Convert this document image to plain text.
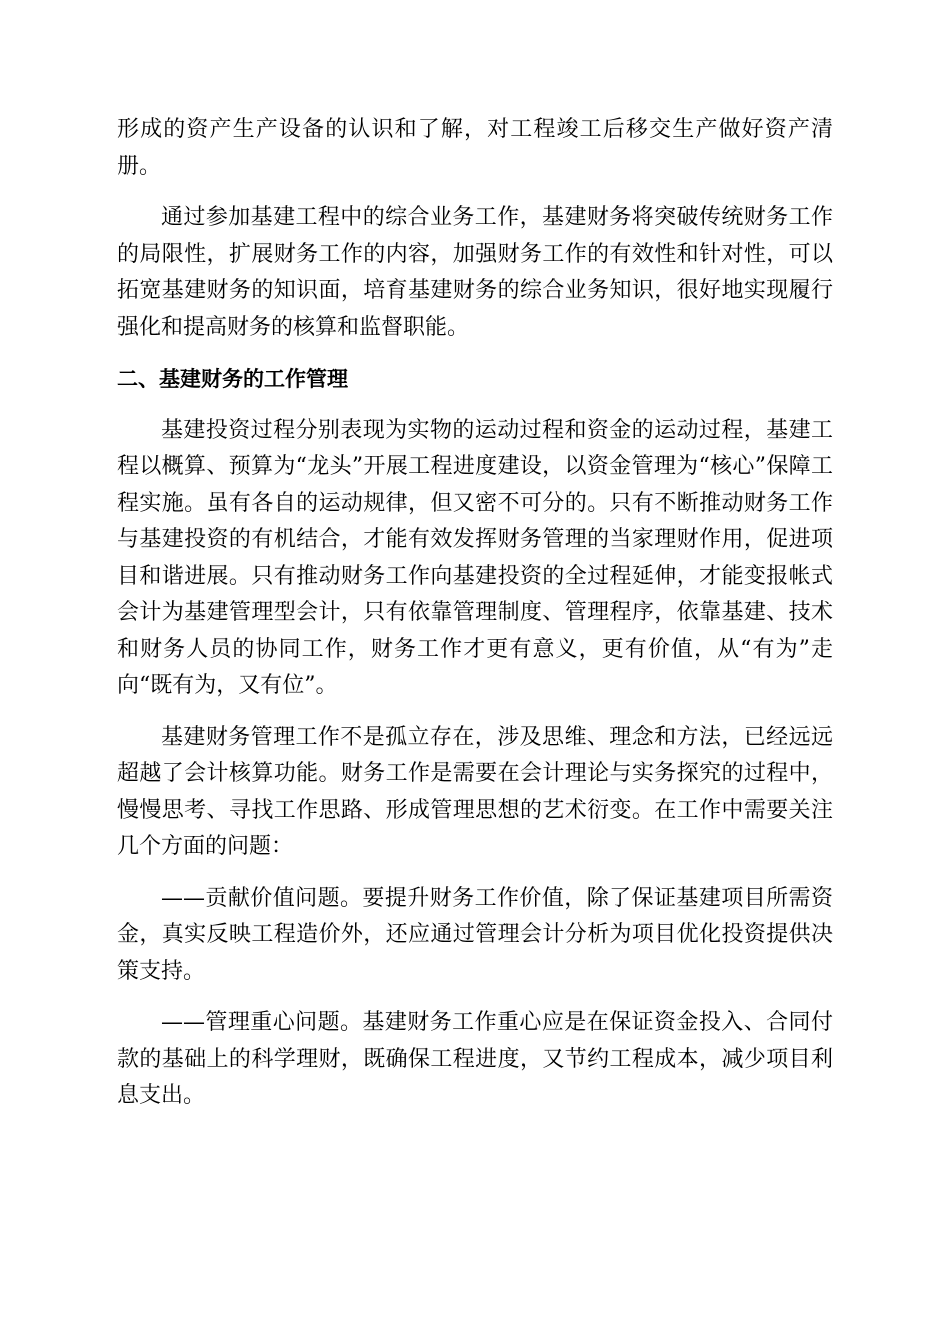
形成的资产生产设备的认识和了解，对工程竣工后移交生产做好资产清册。

通过参加基建工程中的综合业务工作，基建财务将突破传统财务工作的局限性，扩展财务工作的内容，加强财务工作的有效性和针对性，可以拓宽基建财务的知识面，培育基建财务的综合业务知识，很好地实现履行强化和提高财务的核算和监督职能。

二、基建财务的工作管理

基建投资过程分别表现为实物的运动过程和资金的运动过程，基建工程以概算、预算为“龙头”开展工程进度建设，以资金管理为“核心”保障工程实施。虽有各自的运动规律，但又密不可分的。只有不断推动财务工作与基建投资的有机结合，才能有效发挥财务管理的当家理财作用，促进项目和谐进展。只有推动财务工作向基建投资的全过程延伸，才能变报帐式会计为基建管理型会计，只有依靠管理制度、管理程序，依靠基建、技术和财务人员的协同工作，财务工作才更有意义，更有价值，从“有为”走向“既有为，又有位”。

基建财务管理工作不是孤立存在，涉及思维、理念和方法，已经远远超越了会计核算功能。财务工作是需要在会计理论与实务探究的过程中，慢慢思考、寻找工作思路、形成管理思想的艺术衍变。在工作中需要关注几个方面的问题：

——贡献价值问题。要提升财务工作价值，除了保证基建项目所需资金，真实反映工程造价外，还应通过管理会计分析为项目优化投资提供决策支持。

——管理重心问题。基建财务工作重心应是在保证资金投入、合同付款的基础上的科学理财，既确保工程进度，又节约工程成本，减少项目利息支出。
